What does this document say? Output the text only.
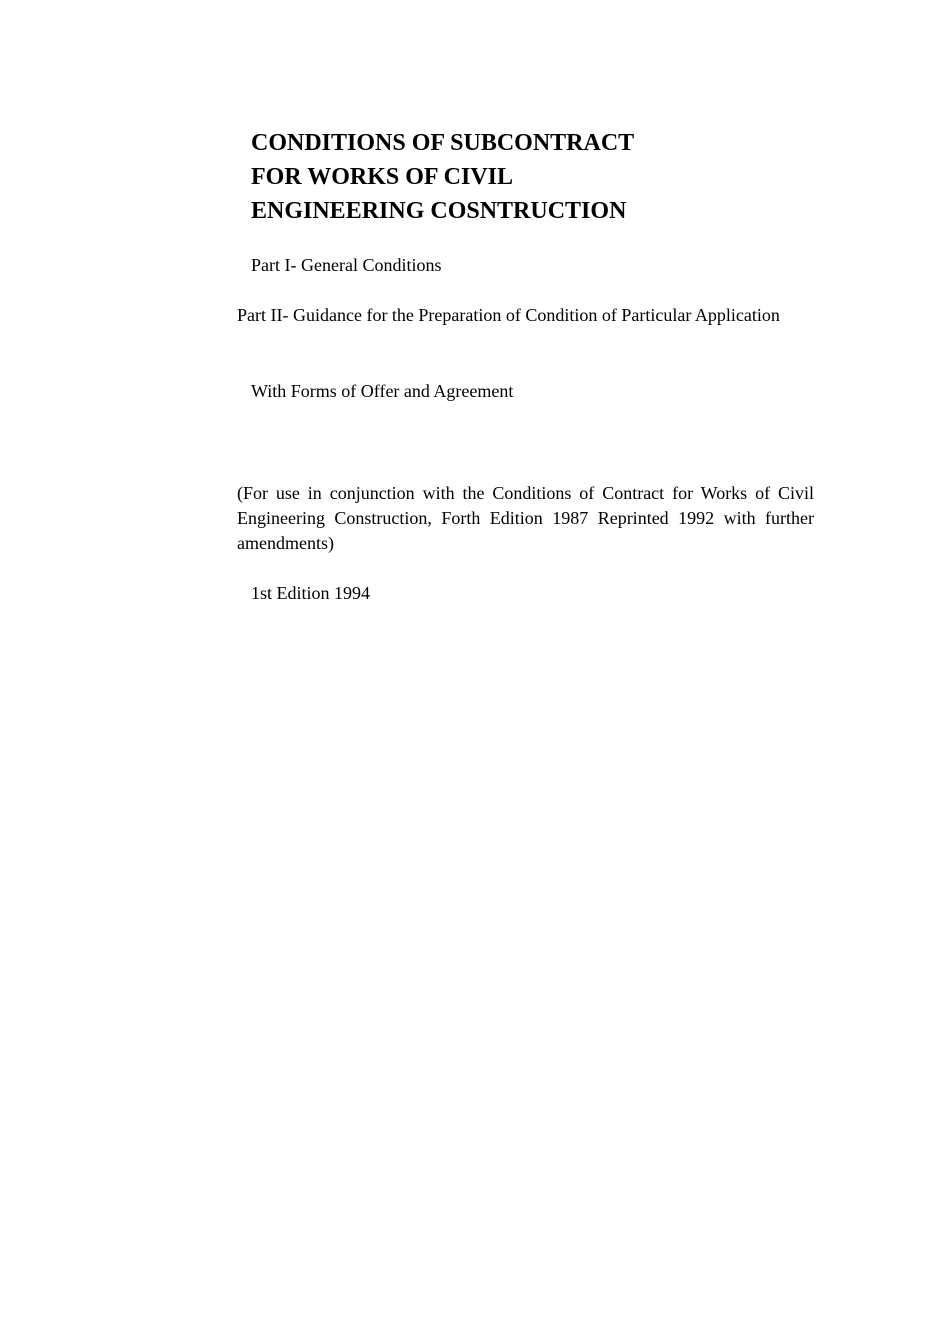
CONDITIONS OF SUBCONTRACT
FOR WORKS OF CIVIL
ENGINEERING COSNTRUCTION

Part I- General Conditions

Part II- Guidance for the Preparation of Condition of Particular Application

With Forms of Offer and Agreement

(For use in conjunction with the Conditions of Contract for Works of Civil Engineering Construction, Forth Edition 1987 Reprinted 1992 with further amendments)

1st Edition 1994
